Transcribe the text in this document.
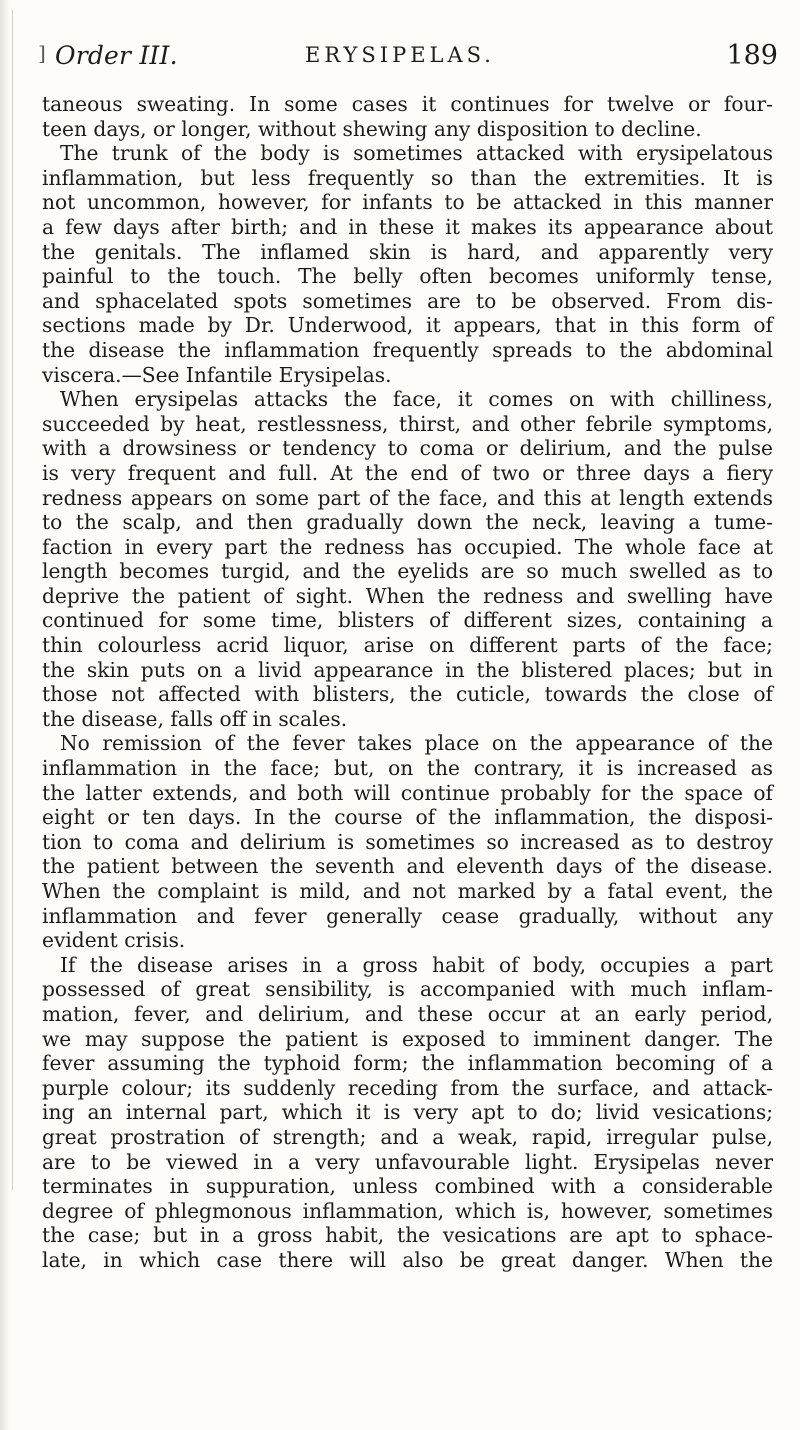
] Order III.	ERYSIPELAS.	189
taneous sweating. In some cases it continues for twelve or four-
teen days, or longer, without shewing any disposition to decline.
The trunk of the body is sometimes attacked with erysipelatous
inflammation, but less frequently so than the extremities. It is
not uncommon, however, for infants to be attacked in this manner
a few days after birth; and in these it makes its appearance about
the genitals. The inflamed skin is hard, and apparently very
painful to the touch. The belly often becomes uniformly tense,
and sphacelated spots sometimes are to be observed. From dis-
sections made by Dr. Underwood, it appears, that in this form of
the disease the inflammation frequently spreads to the abdominal
viscera.—See Infantile Erysipelas.
When erysipelas attacks the face, it comes on with chilliness,
succeeded by heat, restlessness, thirst, and other febrile symptoms,
with a drowsiness or tendency to coma or delirium, and the pulse
is very frequent and full. At the end of two or three days a fiery
redness appears on some part of the face, and this at length extends
to the scalp, and then gradually down the neck, leaving a tume-
faction in every part the redness has occupied. The whole face at
length becomes turgid, and the eyelids are so much swelled as to
deprive the patient of sight. When the redness and swelling have
continued for some time, blisters of different sizes, containing a
thin colourless acrid liquor, arise on different parts of the face;
the skin puts on a livid appearance in the blistered places; but in
those not affected with blisters, the cuticle, towards the close of
the disease, falls off in scales.
No remission of the fever takes place on the appearance of the
inflammation in the face; but, on the contrary, it is increased as
the latter extends, and both will continue probably for the space of
eight or ten days. In the course of the inflammation, the disposi-
tion to coma and delirium is sometimes so increased as to destroy
the patient between the seventh and eleventh days of the disease.
When the complaint is mild, and not marked by a fatal event, the
inflammation and fever generally cease gradually, without any
evident crisis.
If the disease arises in a gross habit of body, occupies a part
possessed of great sensibility, is accompanied with much inflam-
mation, fever, and delirium, and these occur at an early period,
we may suppose the patient is exposed to imminent danger. The
fever assuming the typhoid form; the inflammation becoming of a
purple colour; its suddenly receding from the surface, and attack-
ing an internal part, which it is very apt to do; livid vesications;
great prostration of strength; and a weak, rapid, irregular pulse,
are to be viewed in a very unfavourable light. Erysipelas never
terminates in suppuration, unless combined with a considerable
degree of phlegmonous inflammation, which is, however, sometimes
the case; but in a gross habit, the vesications are apt to sphace-
late, in which case there will also be great danger. When the
